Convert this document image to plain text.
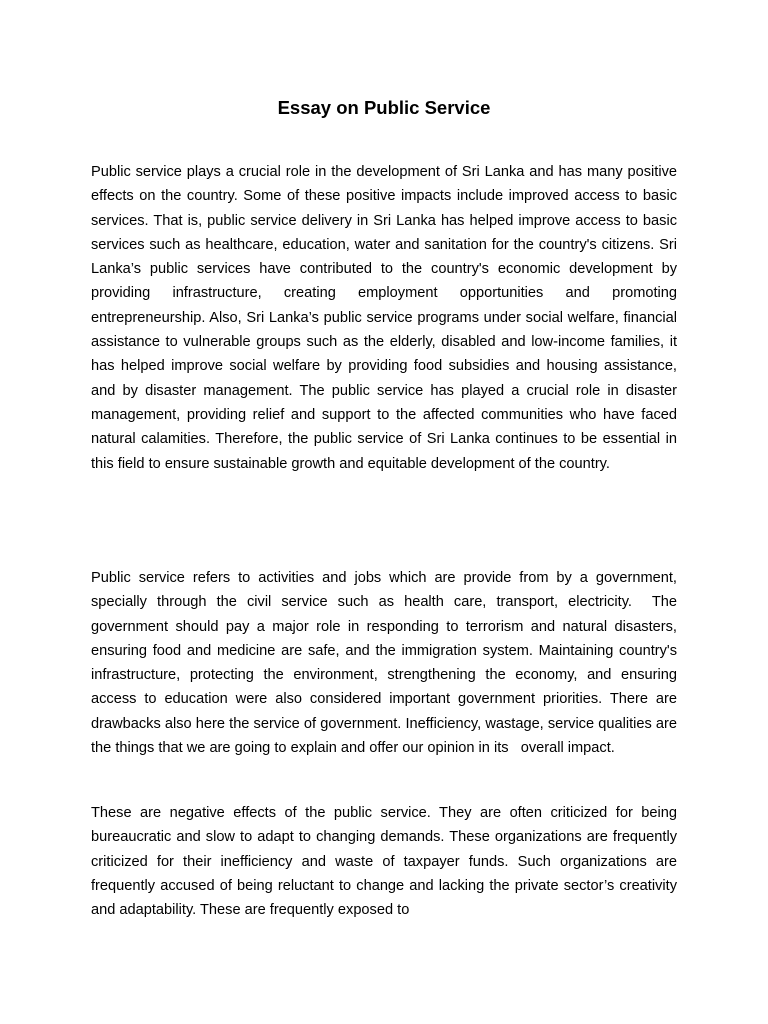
Essay on Public Service

Public service plays a crucial role in the development of Sri Lanka and has many positive effects on the country. Some of these positive impacts include improved access to basic services. That is, public service delivery in Sri Lanka has helped improve access to basic services such as healthcare, education, water and sanitation for the country's citizens. Sri Lanka’s public services have contributed to the country's economic development by providing infrastructure, creating employment opportunities and promoting entrepreneurship. Also, Sri Lanka’s public service programs under social welfare, financial assistance to vulnerable groups such as the elderly, disabled and low-income families, it has helped improve social welfare by providing food subsidies and housing assistance, and by disaster management. The public service has played a crucial role in disaster management, providing relief and support to the affected communities who have faced natural calamities. Therefore, the public service of Sri Lanka continues to be essential in this field to ensure sustainable growth and equitable development of the country.

Public service refers to activities and jobs which are provide from by a government, specially through the civil service such as health care, transport, electricity.  The government should pay a major role in responding to terrorism and natural disasters, ensuring food and medicine are safe, and the immigration system. Maintaining country's infrastructure, protecting the environment, strengthening the economy, and ensuring access to education were also considered important government priorities. There are drawbacks also here the service of government. Inefficiency, wastage, service qualities are the things that we are going to explain and offer our opinion in its   overall impact.

These are negative effects of the public service. They are often criticized for being bureaucratic and slow to adapt to changing demands. These organizations are frequently criticized for their inefficiency and waste of taxpayer funds. Such organizations are frequently accused of being reluctant to change and lacking the private sector’s creativity and adaptability. These are frequently exposed to
